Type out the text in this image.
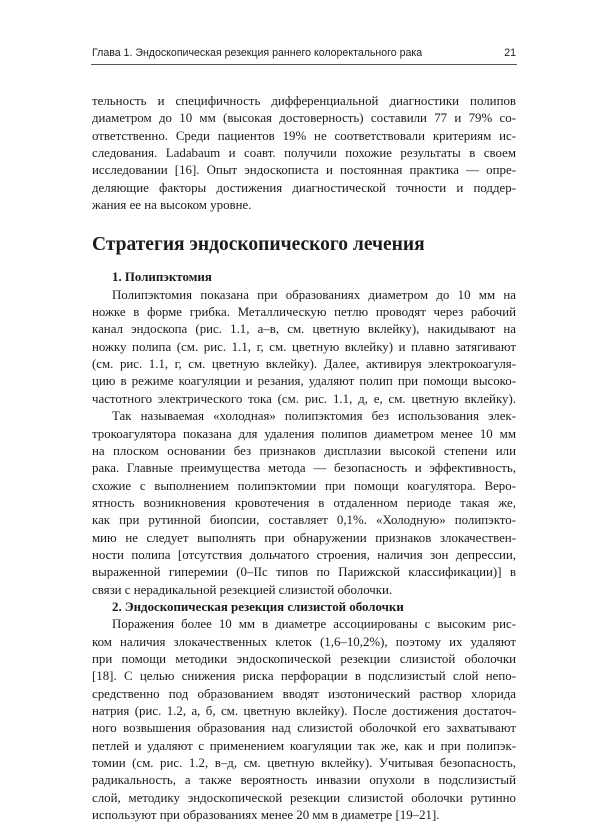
Глава 1. Эндоскопическая резекция раннего колоректального рака	21

тельность и специфичность дифференциальной диагностики полипов
диаметром до 10 мм (высокая достоверность) составили 77 и 79% со-
ответственно. Среди пациентов 19% не соответствовали критериям ис-
следования. Ladabaum и соавт. получили похожие результаты в своем
исследовании [16]. Опыт эндоскописта и постоянная практика — опре-
деляющие факторы достижения диагностической точности и поддер-
жания ее на высоком уровне.

Стратегия эндоскопического лечения
1. Полипэктомия

Полипэктомия показана при образованиях диаметром до 10 мм на
ножке в форме грибка. Металлическую петлю проводят через рабочий
канал эндоскопа (рис. 1.1, а–в, см. цветную вклейку), накидывают на
ножку полипа (см. рис. 1.1, г, см. цветную вклейку) и плавно затягивают
(см. рис. 1.1, г, см. цветную вклейку). Далее, активируя электрокоагуля-
цию в режиме коагуляции и резания, удаляют полип при помощи высоко-
частотного электрического тока (см. рис. 1.1, д, е, см. цветную вклейку).

Так называемая «холодная» полипэктомия без использования элек-
трокоагулятора показана для удаления полипов диаметром менее 10 мм
на плоском основании без признаков дисплазии высокой степени или
рака. Главные преимущества метода — безопасность и эффективность,
схожие с выполнением полипэктомии при помощи коагулятора. Веро-
ятность возникновения кровотечения в отдаленном периоде такая же,
как при рутинной биопсии, составляет 0,1%. «Холодную» полипэкто-
мию не следует выполнять при обнаружении признаков злокачествен-
ности полипа [отсутствия дольчатого строения, наличия зон депрессии,
выраженной гиперемии (0–IIc типов по Парижской классификации)] в
связи с нерадикальной резекцией слизистой оболочки.

2. Эндоскопическая резекция слизистой оболочки

Поражения более 10 мм в диаметре ассоциированы с высоким рис-
ком наличия злокачественных клеток (1,6–10,2%), поэтому их удаляют
при помощи методики эндоскопической резекции слизистой оболочки
[18]. С целью снижения риска перфорации в подслизистый слой непо-
средственно под образованием вводят изотонический раствор хлорида
натрия (рис. 1.2, а, б, см. цветную вклейку). После достижения достаточ-
ного возвышения образования над слизистой оболочкой его захватывают
петлей и удаляют с применением коагуляции так же, как и при полипэк-
томии (см. рис. 1.2, в–д, см. цветную вклейку). Учитывая безопасность,
радикальность, а также вероятность инвазии опухоли в подслизистый
слой, методику эндоскопической резекции слизистой оболочки рутинно
используют при образованиях менее 20 мм в диаметре [19–21].
